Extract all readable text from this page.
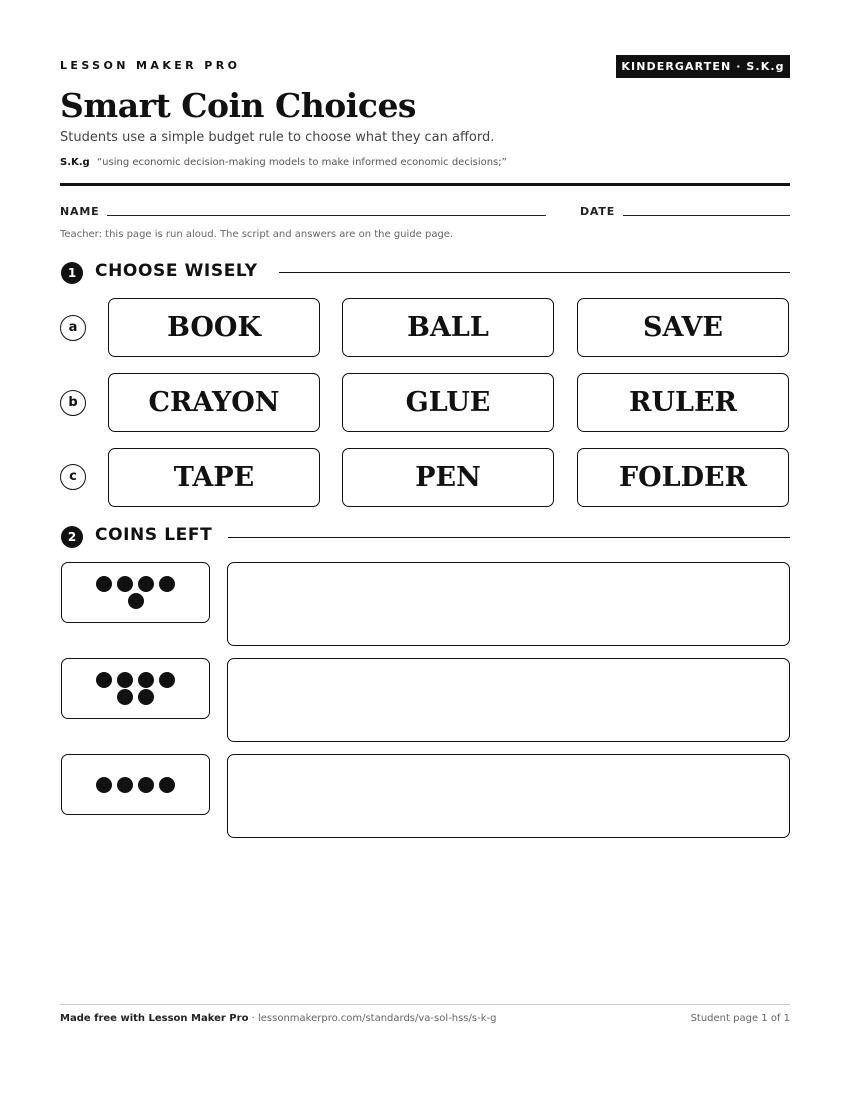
LESSON MAKER PRO	KINDERGARTEN · S.K.g
Smart Coin Choices
Students use a simple budget rule to choose what they can afford.
S.K.g “using economic decision-making models to make informed economic decisions;”
NAME	DATE
Teacher: this page is run aloud. The script and answers are on the guide page.
1	CHOOSE WISELY
a	BOOK	BALL	SAVE
b	CRAYON	GLUE	RULER
c	TAPE	PEN	FOLDER
2	COINS LEFT
Made free with Lesson Maker Pro · lessonmakerpro.com/standards/va-sol-hss/s-k-g	Student page 1 of 1
